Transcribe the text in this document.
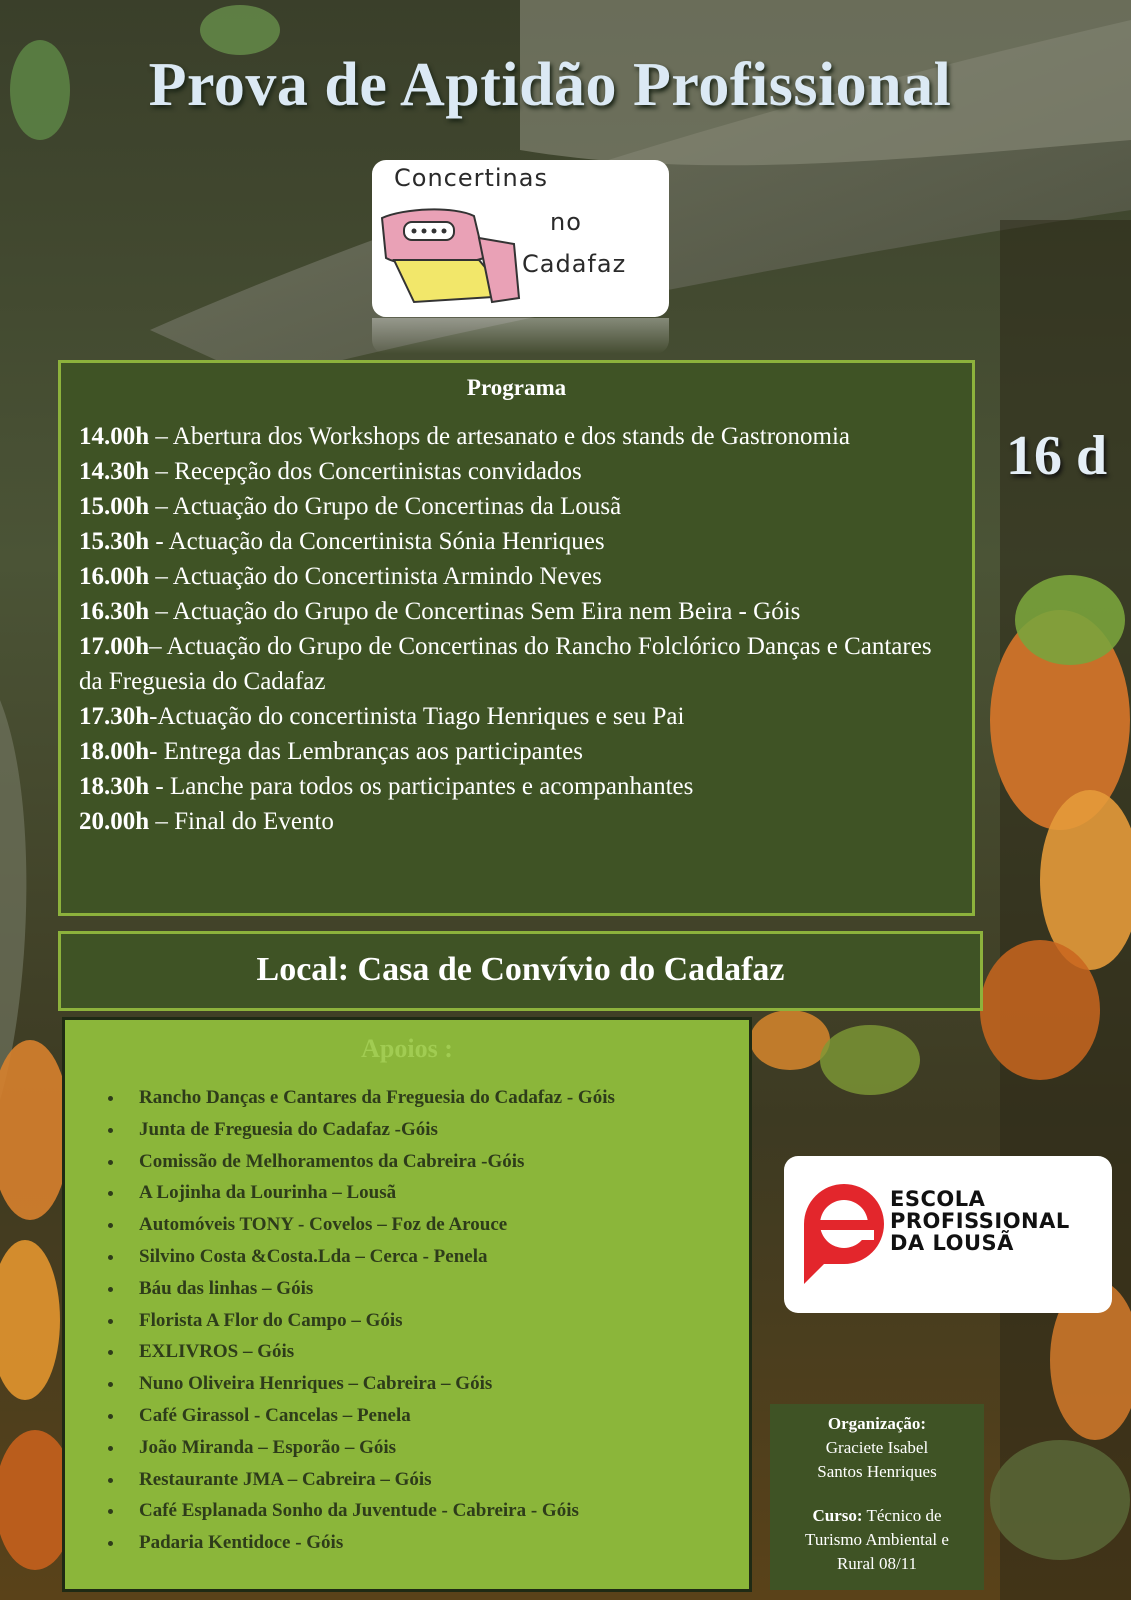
Prova de Aptidão Profissional
Concertinas
no
Cadafaz
16 d
Programa

14.00h – Abertura dos Workshops de artesanato e dos stands de Gastronomia

14.30h – Recepção dos Concertinistas convidados

15.00h – Actuação do Grupo de Concertinas da Lousã

15.30h - Actuação da Concertinista Sónia Henriques

16.00h – Actuação do Concertinista Armindo Neves

16.30h – Actuação do Grupo de Concertinas Sem Eira nem Beira - Góis

17.00h– Actuação do Grupo de Concertinas do Rancho Folclórico Danças e Cantares da Freguesia do Cadafaz

17.30h-Actuação do concertinista Tiago Henriques e seu Pai

18.00h- Entrega das Lembranças aos participantes

18.30h - Lanche para todos os participantes e acompanhantes

20.00h – Final do Evento

Local: Casa de Convívio do Cadafaz
Apoios :
• Rancho Danças e Cantares da Freguesia do Cadafaz - Góis
• Junta de Freguesia do Cadafaz -Góis
• Comissão de Melhoramentos da Cabreira -Góis
• A Lojinha da Lourinha – Lousã
• Automóveis TONY - Covelos – Foz de Arouce
• Silvino Costa &Costa.Lda – Cerca - Penela
• Báu das linhas – Góis
• Florista A Flor do Campo – Góis
• EXLIVROS – Góis
• Nuno Oliveira Henriques – Cabreira – Góis
• Café Girassol - Cancelas – Penela
• João Miranda – Esporão – Góis
• Restaurante JMA – Cabreira – Góis
• Café Esplanada Sonho da Juventude - Cabreira - Góis
• Padaria Kentidoce - Góis
ESCOLA
PROFISSIONAL
DA LOUSÃ
Organização:
Graciete Isabel
Santos Henriques
Curso: Técnico de
Turismo Ambiental e
Rural 08/11
